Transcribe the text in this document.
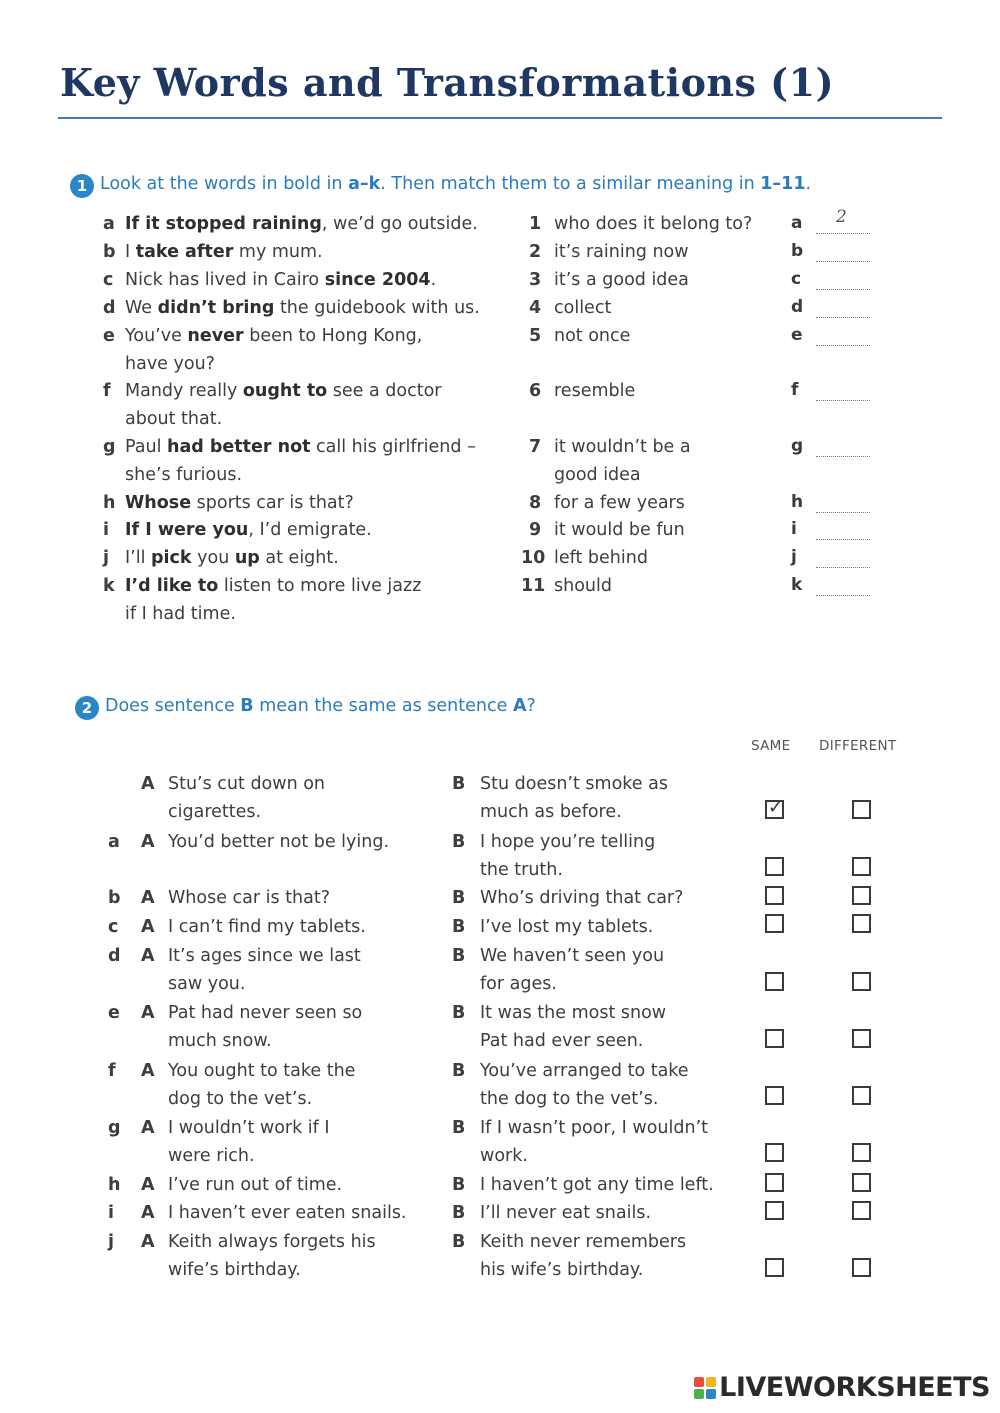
Key Words and Transformations (1)
1 Look at the words in bold in a–k. Then match them to a similar meaning in 1–11.
a If it stopped raining, we’d go outside.
b I take after my mum.
c Nick has lived in Cairo since 2004.
d We didn’t bring the guidebook with us.
e You’ve never been to Hong Kong,
have you?
f Mandy really ought to see a doctor
about that.
g Paul had better not call his girlfriend –
she’s furious.
h Whose sports car is that?
i If I were you, I’d emigrate.
j I’ll pick you up at eight.
k I’d like to listen to more live jazz
if I had time.
1 who does it belong to?
2 it’s raining now
3 it’s a good idea
4 collect
5 not once
6 resemble
7 it wouldn’t be a
good idea
8 for a few years
9 it would be fun
10 left behind
11 should
a 2
b
c
d
e
f
g
h
i
j
k
2 Does sentence B mean the same as sentence A?
SAME DIFFERENT
A Stu’s cut down on
cigarettes.
B Stu doesn’t smoke as
much as before.
✓
a A You’d better not be lying.	B I hope you’re telling
the truth.
b A Whose car is that?	B Who’s driving that car?
c A I can’t find my tablets.	B I’ve lost my tablets.
d A It’s ages since we last
saw you.
B We haven’t seen you
for ages.
e A Pat had never seen so
much snow.
B It was the most snow
Pat had ever seen.
f A You ought to take the
dog to the vet’s.
B You’ve arranged to take
the dog to the vet’s.
g A I wouldn’t work if I
were rich.
B If I wasn’t poor, I wouldn’t
work.
h A I’ve run out of time.	B I haven’t got any time left.
i A I haven’t ever eaten snails.	B I’ll never eat snails.
j A Keith always forgets his
wife’s birthday.
B Keith never remembers
his wife’s birthday.
LIVEWORKSHEETS
